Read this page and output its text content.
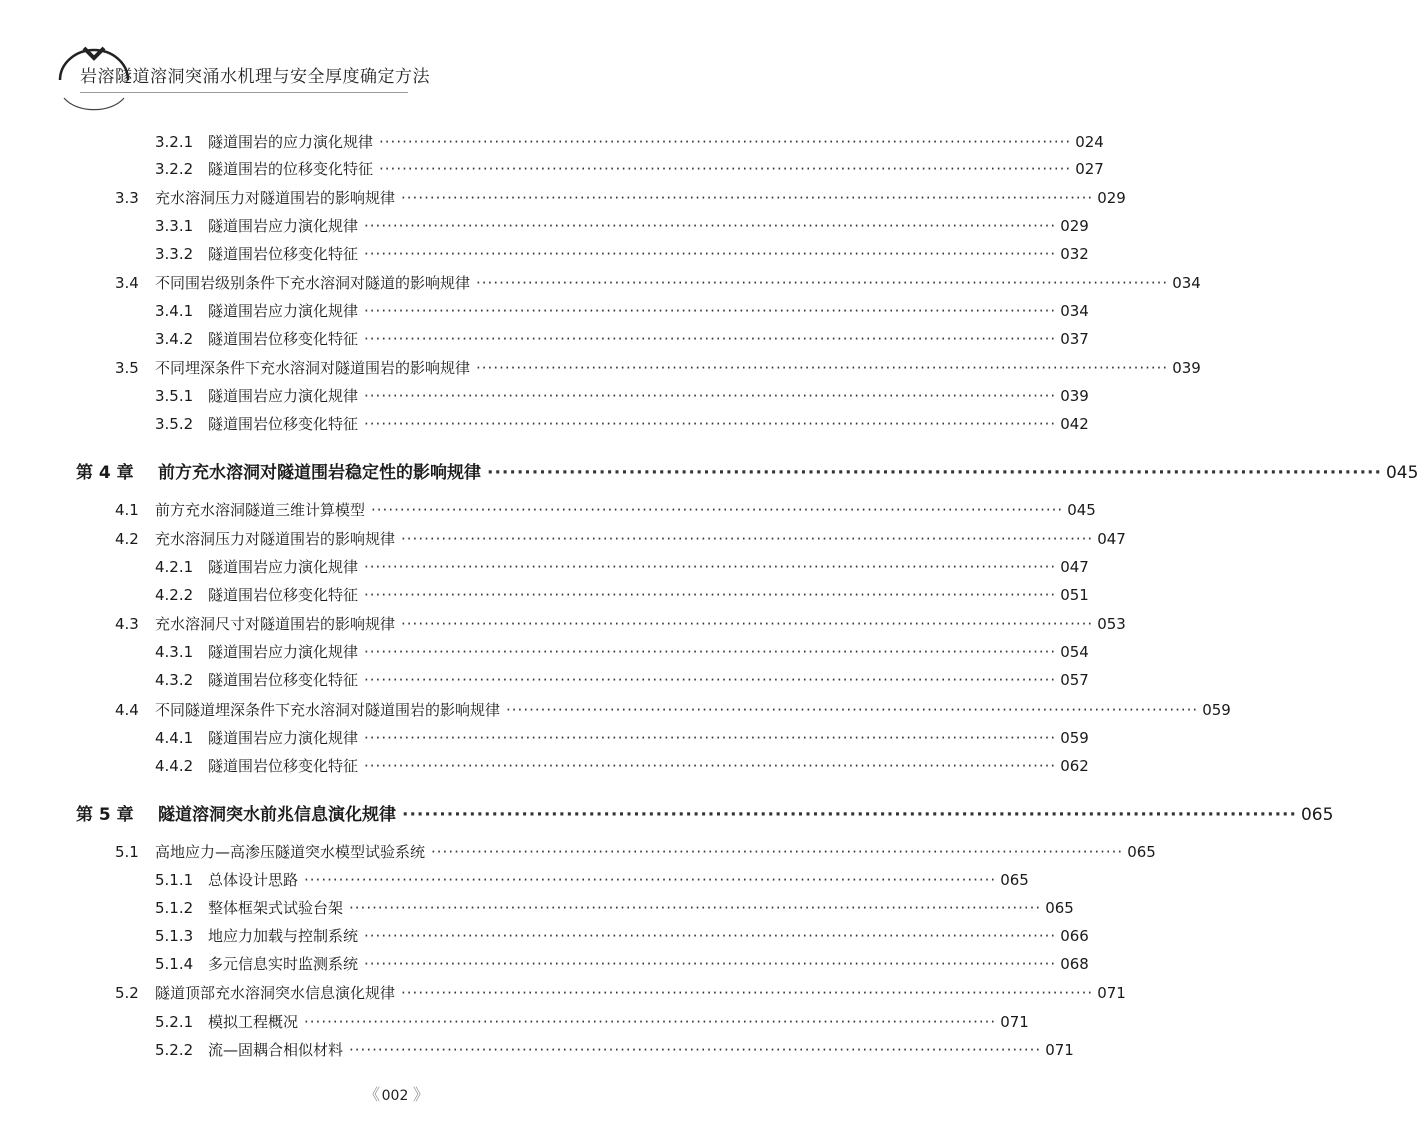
岩溶隧道溶洞突涌水机理与安全厚度确定方法
3.2.1 隧道围岩的应力演化规律 ························································································································ 024
3.2.2 隧道围岩的位移变化特征 ························································································································ 027
3.3	充水溶洞压力对隧道围岩的影响规律 ························································································································ 029
3.3.1 隧道围岩应力演化规律 ························································································································ 029
3.3.2 隧道围岩位移变化特征 ························································································································ 032
3.4	不同围岩级别条件下充水溶洞对隧道的影响规律 ························································································································ 034
3.4.1 隧道围岩应力演化规律 ························································································································ 034
3.4.2 隧道围岩位移变化特征 ························································································································ 037
3.5	不同埋深条件下充水溶洞对隧道围岩的影响规律 ························································································································ 039
3.5.1 隧道围岩应力演化规律 ························································································································ 039
3.5.2 隧道围岩位移变化特征 ························································································································ 042
第 4 章	前方充水溶洞对隧道围岩稳定性的影响规律 ························································································································ 045
4.1	前方充水溶洞隧道三维计算模型 ························································································································ 045
4.2	充水溶洞压力对隧道围岩的影响规律 ························································································································ 047
4.2.1 隧道围岩应力演化规律 ························································································································ 047
4.2.2 隧道围岩位移变化特征 ························································································································ 051
4.3	充水溶洞尺寸对隧道围岩的影响规律 ························································································································ 053
4.3.1 隧道围岩应力演化规律 ························································································································ 054
4.3.2 隧道围岩位移变化特征 ························································································································ 057
4.4	不同隧道埋深条件下充水溶洞对隧道围岩的影响规律 ························································································································ 059
4.4.1 隧道围岩应力演化规律 ························································································································ 059
4.4.2 隧道围岩位移变化特征 ························································································································ 062
第 5 章	隧道溶洞突水前兆信息演化规律 ························································································································ 065
5.1	高地应力—高渗压隧道突水模型试验系统 ························································································································ 065
5.1.1 总体设计思路 ························································································································ 065
5.1.2 整体框架式试验台架 ························································································································ 065
5.1.3 地应力加载与控制系统 ························································································································ 066
5.1.4 多元信息实时监测系统 ························································································································ 068
5.2	隧道顶部充水溶洞突水信息演化规律 ························································································································ 071
5.2.1 模拟工程概况 ························································································································ 071
5.2.2 流—固耦合相似材料 ························································································································ 071
《 002 》
